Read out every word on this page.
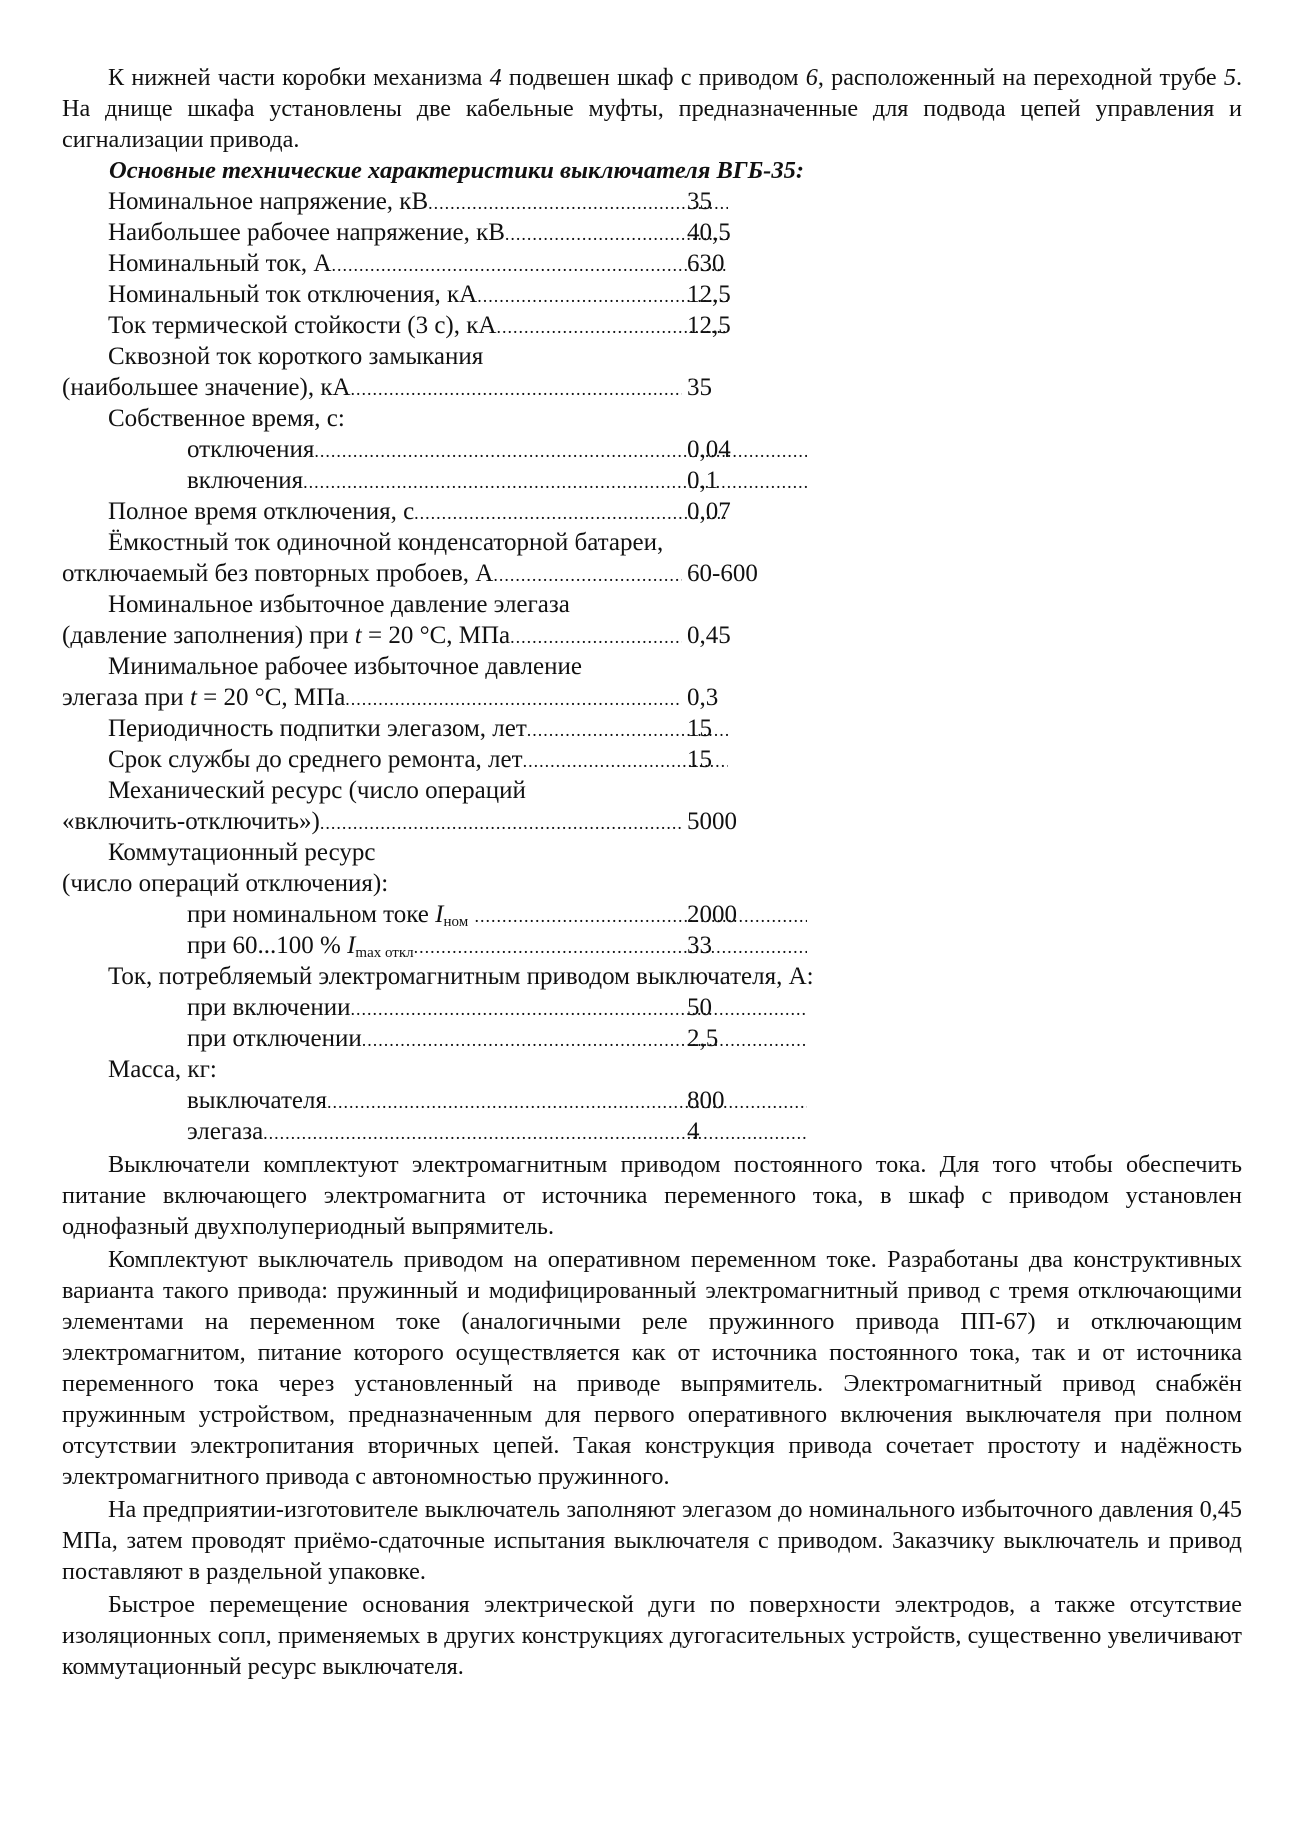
К нижней части коробки механизма 4 подвешен шкаф с приводом 6, расположенный на переходной трубе 5. На днище шкафа установлены две кабельные муфты, предназначенные для подвода цепей управления и сигнализации привода.

Основные технические характеристики выключателя ВГБ-35:

Номинальное напряжение, кВ .....	35
Наибольшее рабочее напряжение, кВ .....	40,5
Номинальный ток, А .....	630
Номинальный ток отключения, кА .....	12,5
Ток термической стойкости (3 с), кА .....	12,5
Сквозной ток короткого замыкания
(наибольшее значение), кА .....	35
Собственное время, с:
отключения .....	0,04
включения .....	0,1
Полное время отключения, с .....	0,07
Ёмкостный ток одиночной конденсаторной батареи,
отключаемый без повторных пробоев, А .....	60-600
Номинальное избыточное давление элегаза
(давление заполнения) при t = 20 °С, МПа .....	0,45
Минимальное рабочее избыточное давление
элегаза при t = 20 °С, МПа .....	0,3
Периодичность подпитки элегазом, лет .....	15
Срок службы до среднего ремонта, лет .....	15
Механический ресурс (число операций
«включить-отключить») .....	5000
Коммутационный ресурс
(число операций отключения):
при номинальном токе $I_{ном}$ .....	2000
при 60...100 % $I_{max откл}$ .....	33
Ток, потребляемый электромагнитным приводом выключателя, А:
при включении .....	50
при отключении .....	2,5
Масса, кг:
выключателя .....	800
элегаза .....	4

Выключатели комплектуют электромагнитным приводом постоянного тока. Для того чтобы обеспечить питание включающего электромагнита от источника переменного тока, в шкаф с приводом установлен однофазный двухполупериодный выпрямитель.

Комплектуют выключатель приводом на оперативном переменном токе. Разработаны два конструктивных варианта такого привода: пружинный и модифицированный электромагнитный привод с тремя отключающими элементами на переменном токе (аналогичными реле пружинного привода ПП-67) и отключающим электромагнитом, питание которого осуществляется как от источника постоянного тока, так и от источника переменного тока через установленный на приводе выпрямитель. Электромагнитный привод снабжён пружинным устройством, предназначенным для первого оперативного включения выключателя при полном отсутствии электропитания вторичных цепей. Такая конструкция привода сочетает простоту и надёжность электромагнитного привода с автономностью пружинного.

На предприятии-изготовителе выключатель заполняют элегазом до номинального избыточного давления 0,45 МПа, затем проводят приёмо-сдаточные испытания выключателя с приводом. Заказчику выключатель и привод поставляют в раздельной упаковке.

Быстрое перемещение основания электрической дуги по поверхности электродов, а также отсутствие изоляционных сопл, применяемых в других конструкциях дугогасительных устройств, существенно увеличивают коммутационный ресурс выключателя.
